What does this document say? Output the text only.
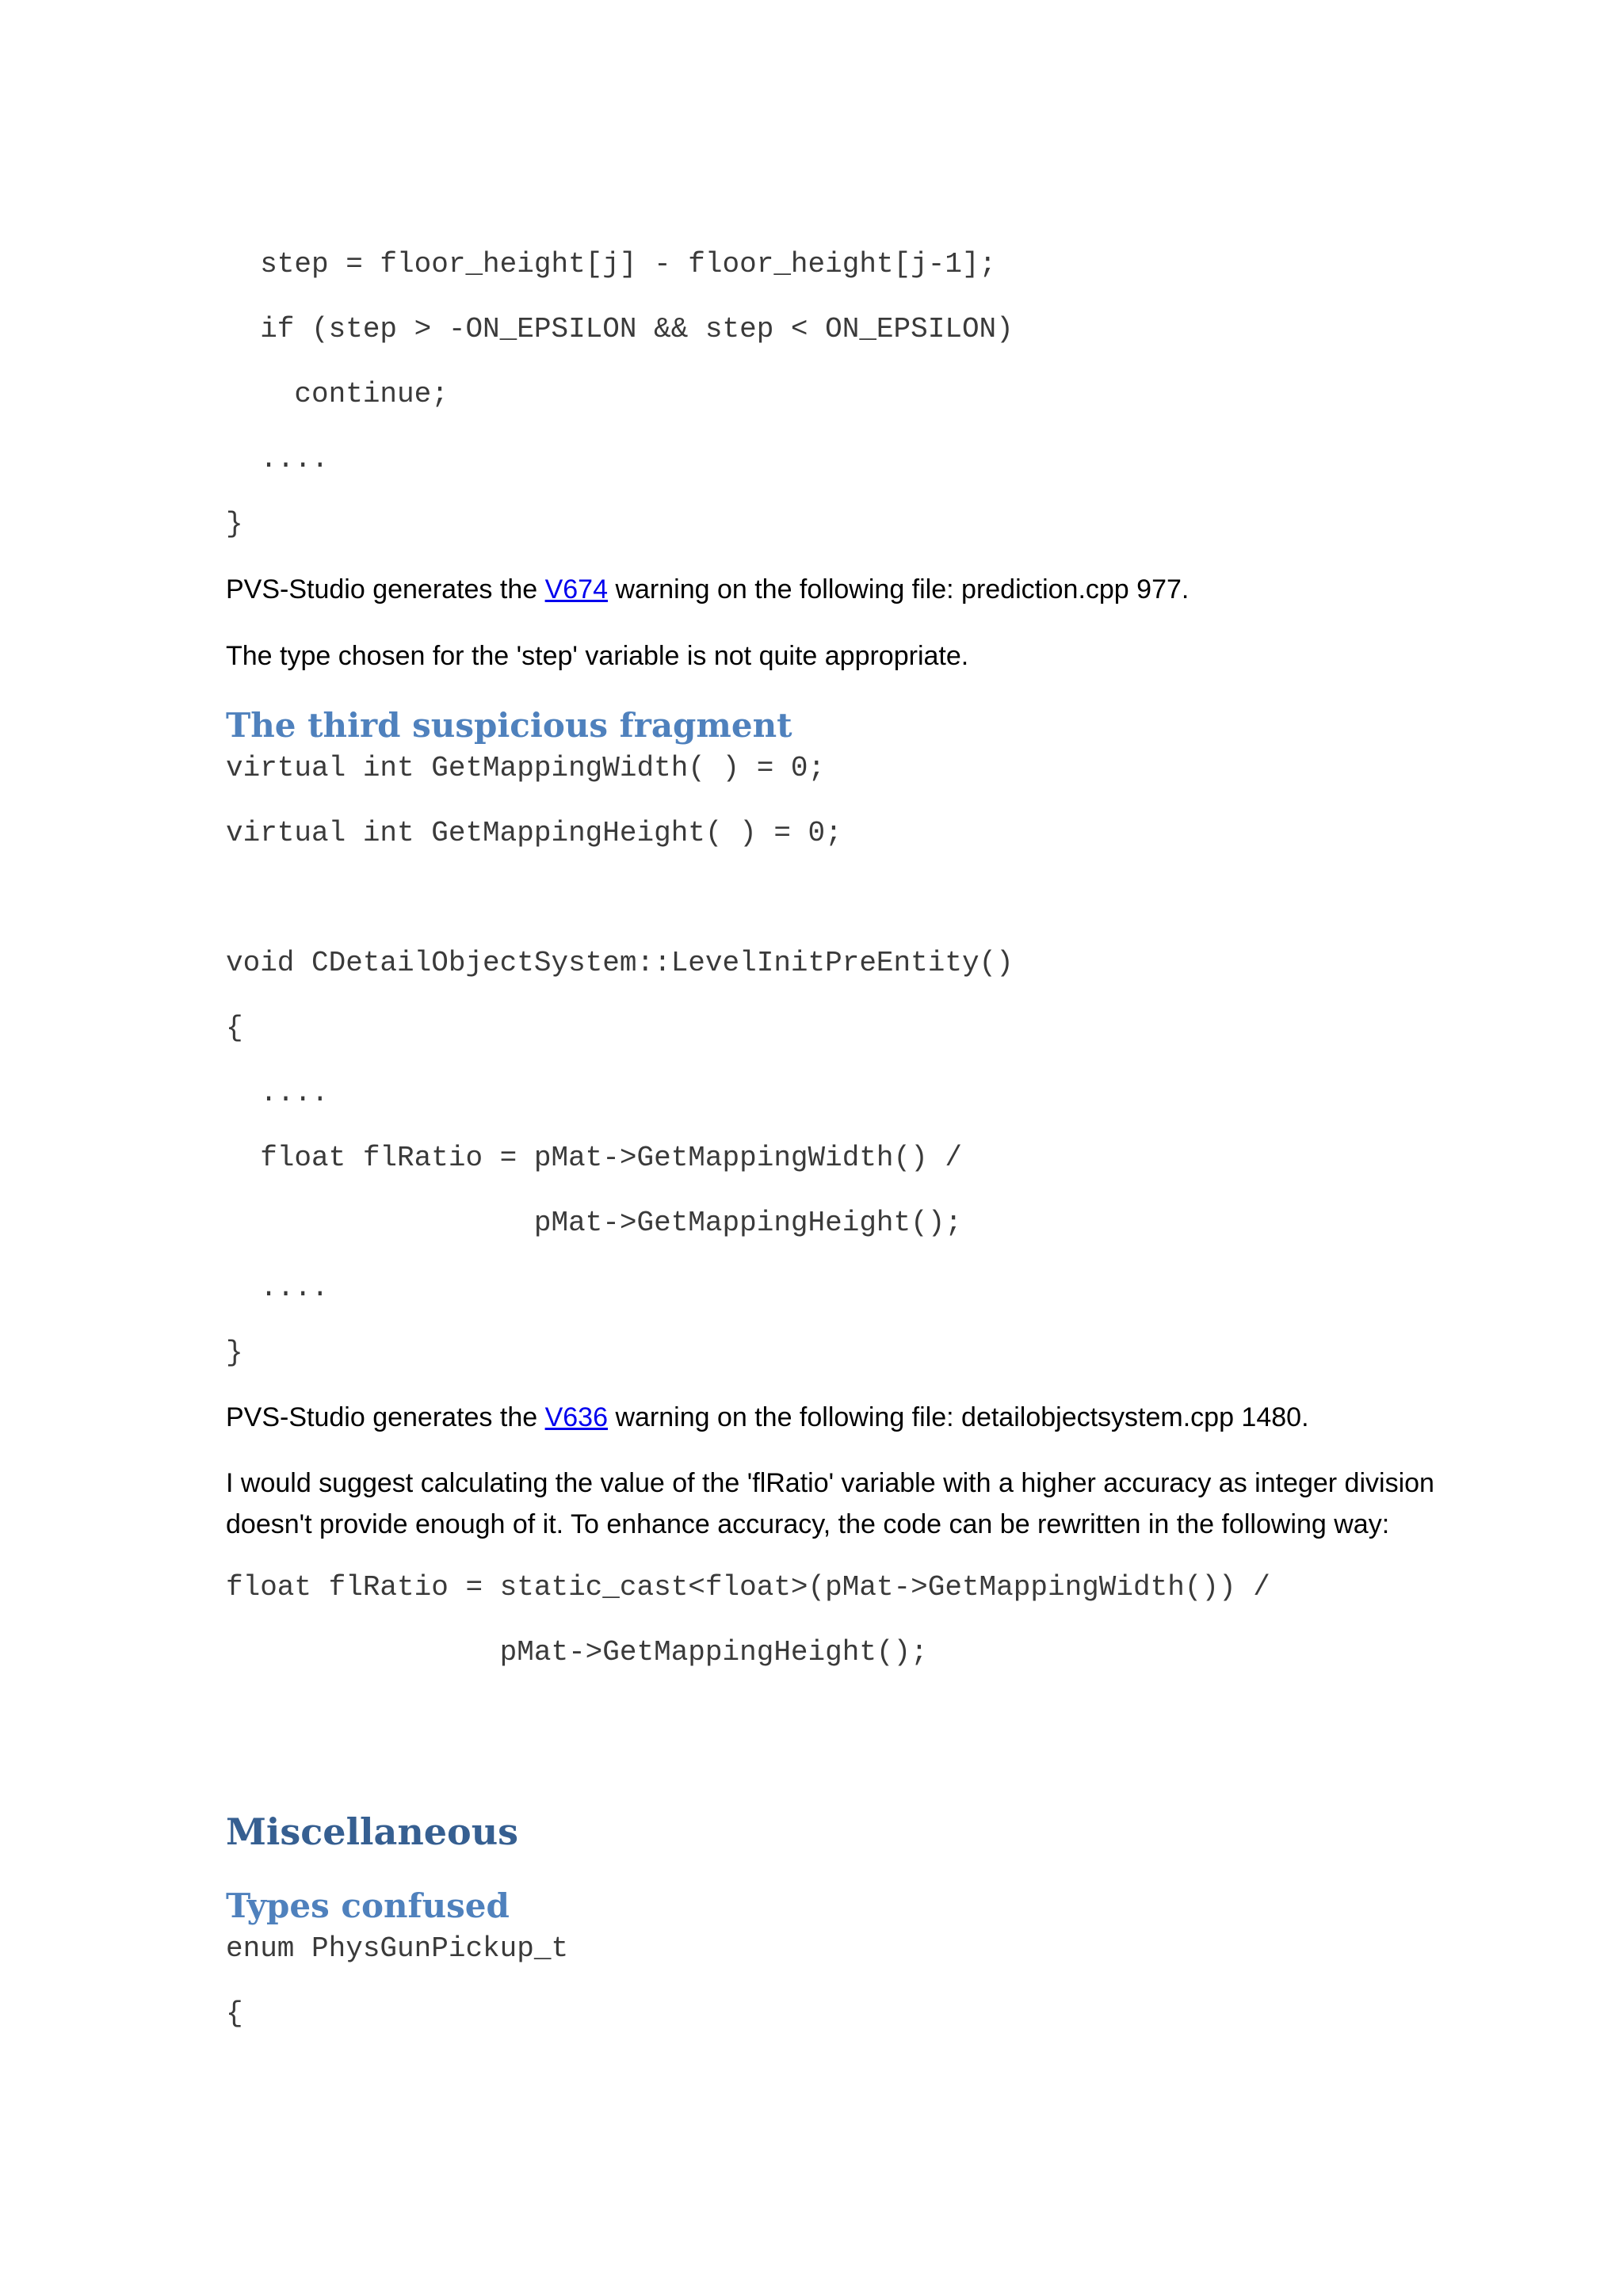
step = floor_height[j] - floor_height[j-1];
if (step > -ON_EPSILON && step < ON_EPSILON)
continue;
....
}
PVS-Studio generates the V674 warning on the following file: prediction.cpp 977.
The type chosen for the 'step' variable is not quite appropriate.
The third suspicious fragment
virtual int GetMappingWidth( ) = 0;
virtual int GetMappingHeight( ) = 0;
void CDetailObjectSystem::LevelInitPreEntity()
{
....
float flRatio = pMat->GetMappingWidth() /
pMat->GetMappingHeight();
....
}
PVS-Studio generates the V636 warning on the following file: detailobjectsystem.cpp 1480.
I would suggest calculating the value of the 'flRatio' variable with a higher accuracy as integer division doesn't provide enough of it. To enhance accuracy, the code can be rewritten in the following way:
float flRatio = static_cast<float>(pMat->GetMappingWidth()) /
pMat->GetMappingHeight();
Miscellaneous
Types confused
enum PhysGunPickup_t
{
